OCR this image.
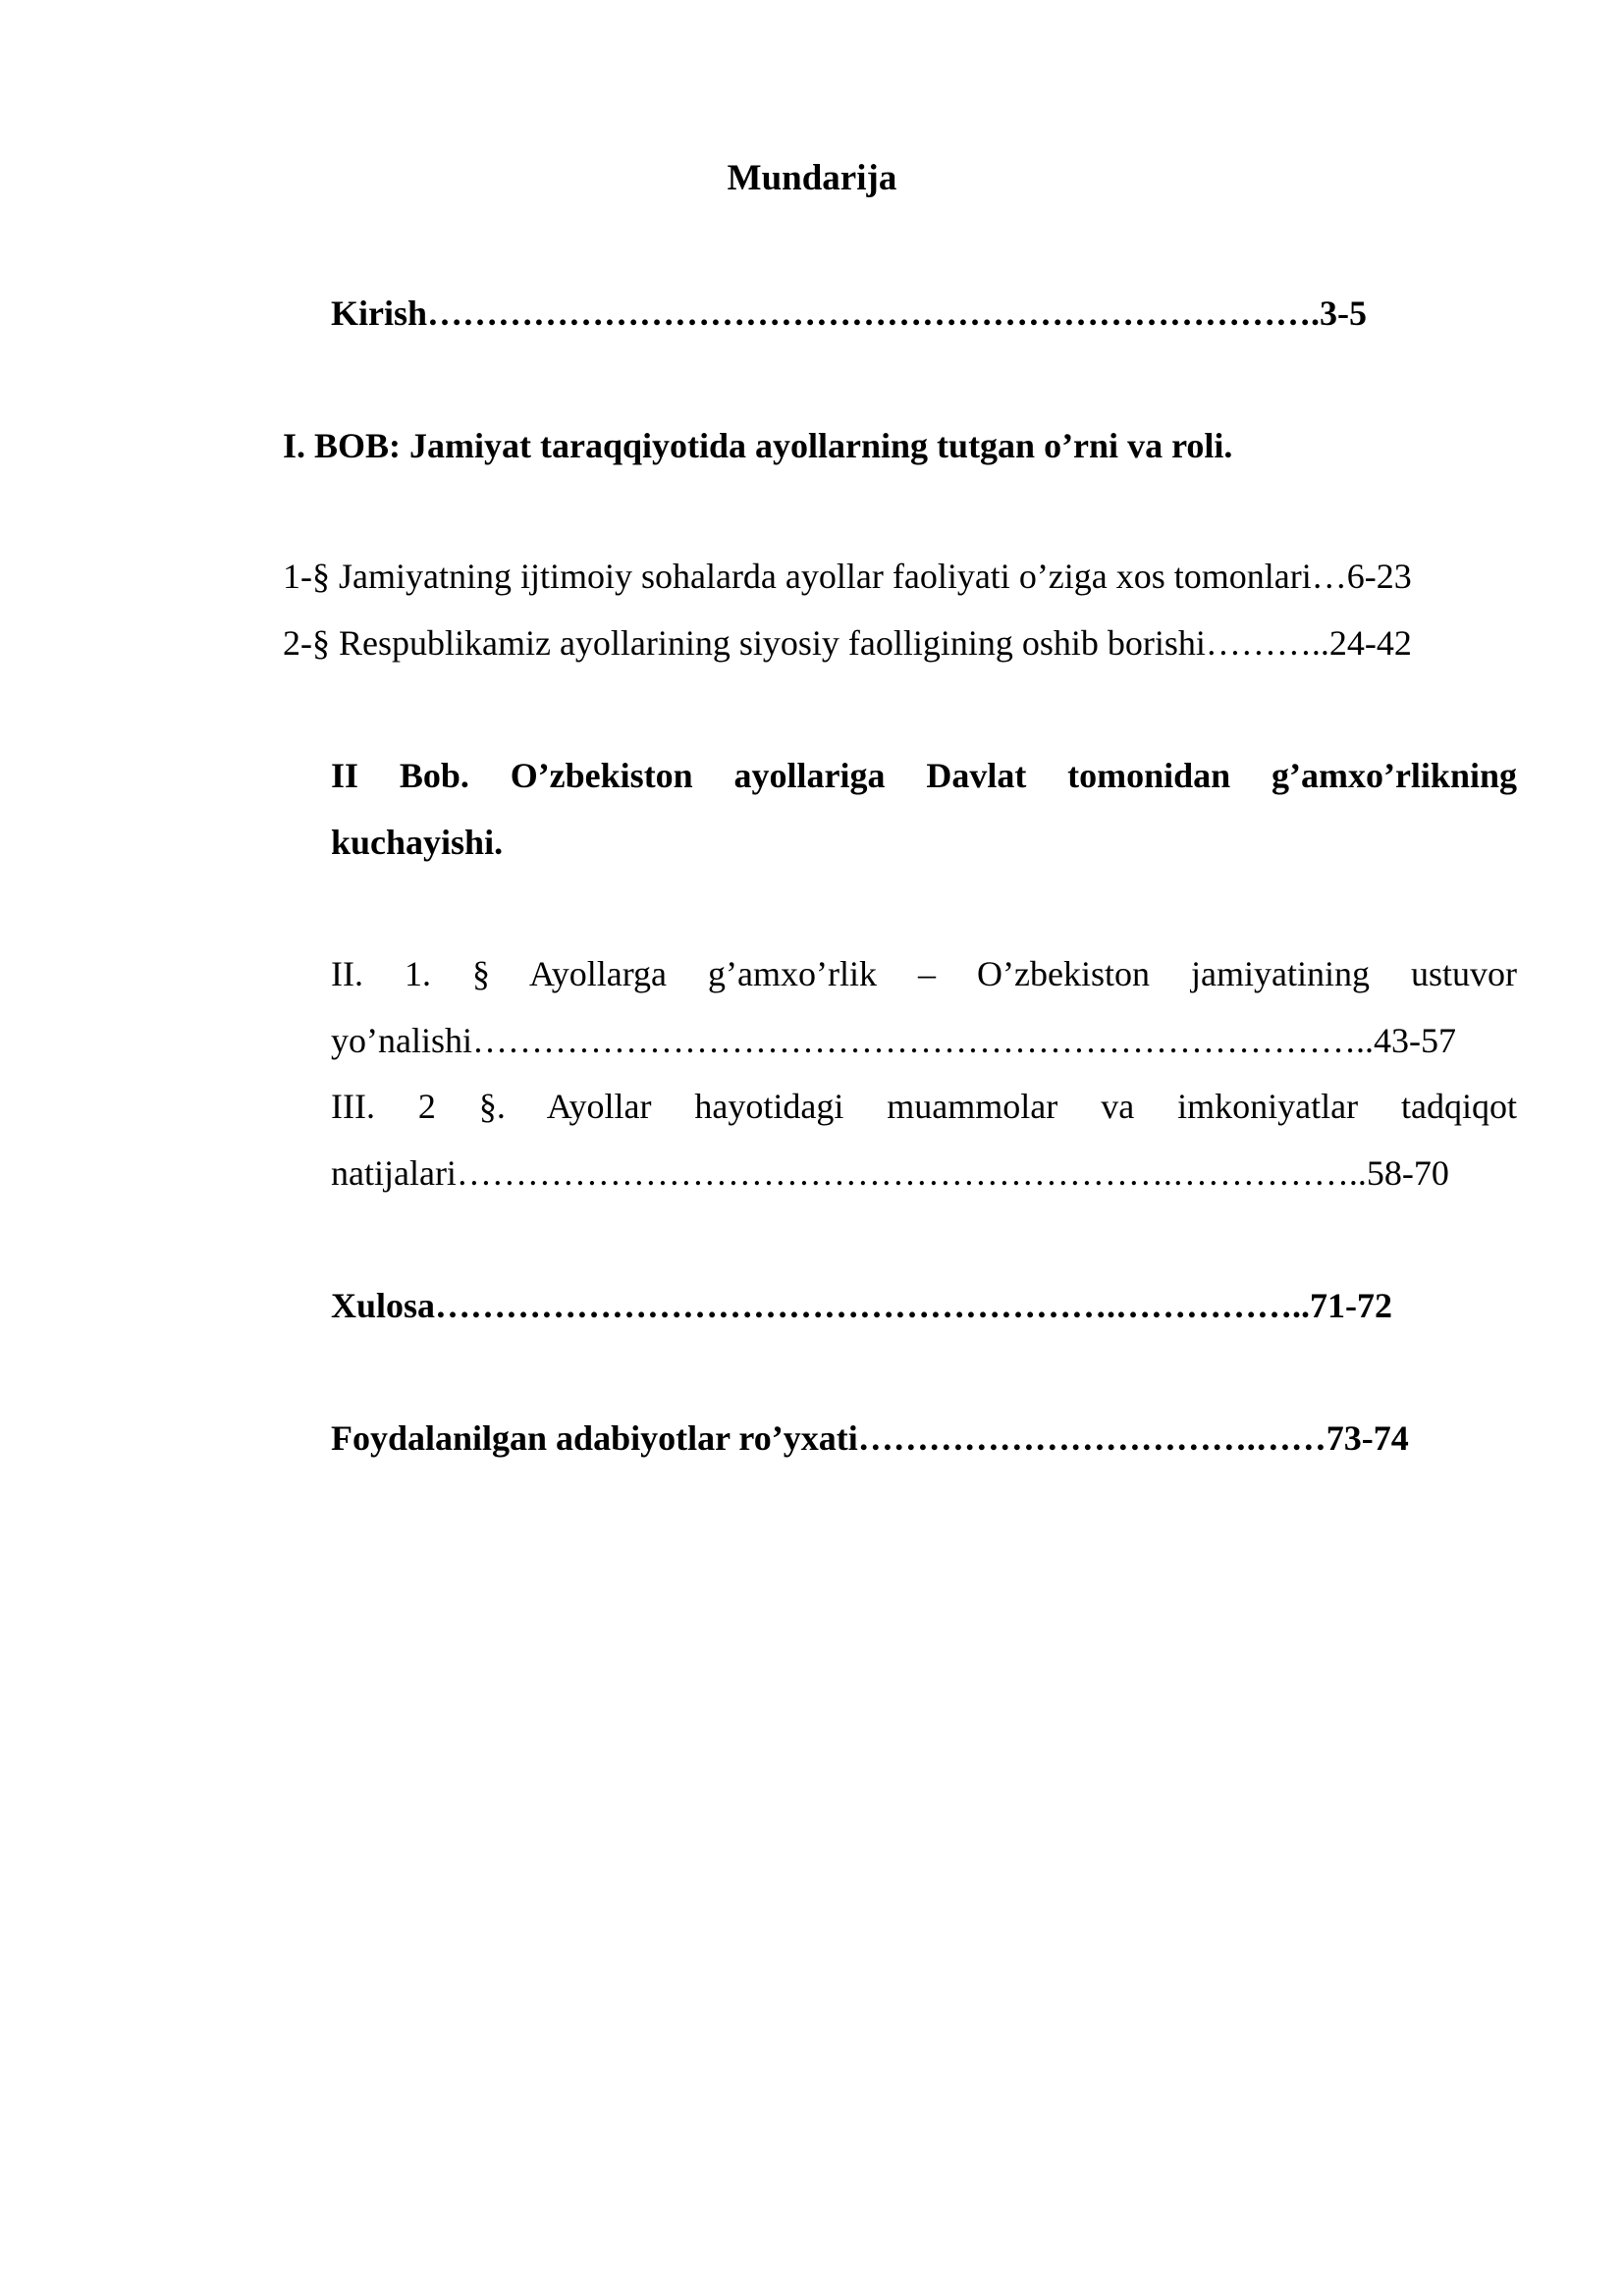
Mundarija
Kirish………………………………………………………………….3-5
I. BOB: Jamiyat taraqqiyotida ayollarning tutgan o’rni va roli.
1-§ Jamiyatning ijtimoiy sohalarda ayollar faoliyati o’ziga xos tomonlari…6-23
2-§ Respublikamiz ayollarining siyosiy faolligining oshib borishi………..24-42
II Bob. O’zbekiston ayollariga Davlat tomonidan g’amxo’rlikning
kuchayishi.
II. 1. § Ayollarga g’amxo’rlik – O’zbekiston jamiyatining ustuvor
yo’nalishi…………………………………………………………………..43-57
III. 2 §. Ayollar hayotidagi muammolar va imkoniyatlar tadqiqot
natijalari…………………………………………………….……………..58-70
Xulosa………………………………………………….……………..71-72
Foydalanilgan adabiyotlar ro’yxati…………………………….……73-74
